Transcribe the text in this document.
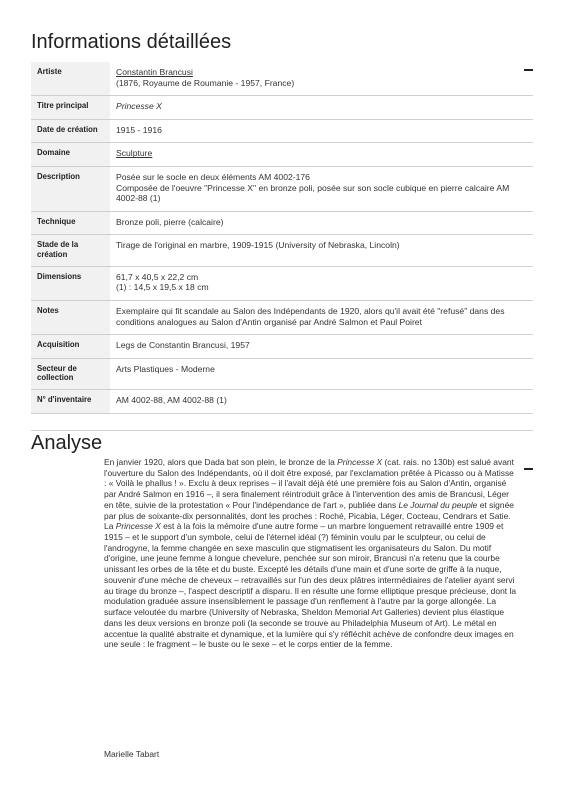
Informations détaillées
Artiste	Constantin Brancusi
(1876, Royaume de Roumanie - 1957, France)
Titre principal	Princesse X
Date de création	1915 - 1916
Domaine	Sculpture
Description	Posée sur le socle en deux éléments AM 4002-176
Composée de l'oeuvre "Princesse X" en bronze poli, posée sur son socle cubique en pierre calcaire AM 4002-88 (1)
Technique	Bronze poli, pierre (calcaire)
Stade de la création	Tirage de l'original en marbre, 1909-1915 (University of Nebraska, Lincoln)
Dimensions	61,7 x 40,5 x 22,2 cm
(1) : 14,5 x 19,5 x 18 cm
Notes	Exemplaire qui fit scandale au Salon des Indépendants de 1920, alors qu'il avait été "refusé" dans des conditions analogues au Salon d'Antin organisé par André Salmon et Paul Poiret
Acquisition	Legs de Constantin Brancusi, 1957
Secteur de collection	Arts Plastiques - Moderne
N° d'inventaire	AM 4002-88, AM 4002-88 (1)
Analyse

En janvier 1920, alors que Dada bat son plein, le bronze de la Princesse X (cat. rais. no 130b) est salué avant l'ouverture du Salon des Indépendants, où il doit être exposé, par l'exclamation prêtée à Picasso ou à Matisse : « Voilà le phallus ! ». Exclu à deux reprises – il l'avait déjà été une première fois au Salon d'Antin, organisé par André Salmon en 1916 –, il sera finalement réintroduit grâce à l'intervention des amis de Brancusi, Léger en tête, suivie de la protestation « Pour l'indépendance de l'art », publiée dans Le Journal du peuple et signée par plus de soixante-dix personnalités, dont les proches : Roché, Picabia, Léger, Cocteau, Cendrars et Satie. La Princesse X est à la fois la mémoire d'une autre forme – un marbre longuement retravaillé entre 1909 et 1915 – et le support d'un symbole, celui de l'éternel idéal (?) féminin voulu par le sculpteur, ou celui de l'androgyne, la femme changée en sexe masculin que stigmatisent les organisateurs du Salon. Du motif d'origine, une jeune femme à longue chevelure, penchée sur son miroir, Brancusi n'a retenu que la courbe unissant les orbes de la tête et du buste. Excepté les détails d'une main et d'une sorte de griffe à la nuque, souvenir d'une mèche de cheveux – retravaillés sur l'un des deux plâtres intermédiaires de l'atelier ayant servi au tirage du bronze –, l'aspect descriptif a disparu. Il en résulte une forme elliptique presque précieuse, dont la modulation graduée assure insensiblement le passage d'un renflement à l'autre par la gorge allongée. La surface veloutée du marbre (University of Nebraska, Sheldon Memorial Art Galleries) devient plus élastique dans les deux versions en bronze poli (la seconde se trouve au Philadelphia Museum of Art). Le métal en accentue la qualité abstraite et dynamique, et la lumière qui s'y réfléchit achève de confondre deux images en une seule : le fragment – le buste ou le sexe – et le corps entier de la femme.

Marielle Tabart
